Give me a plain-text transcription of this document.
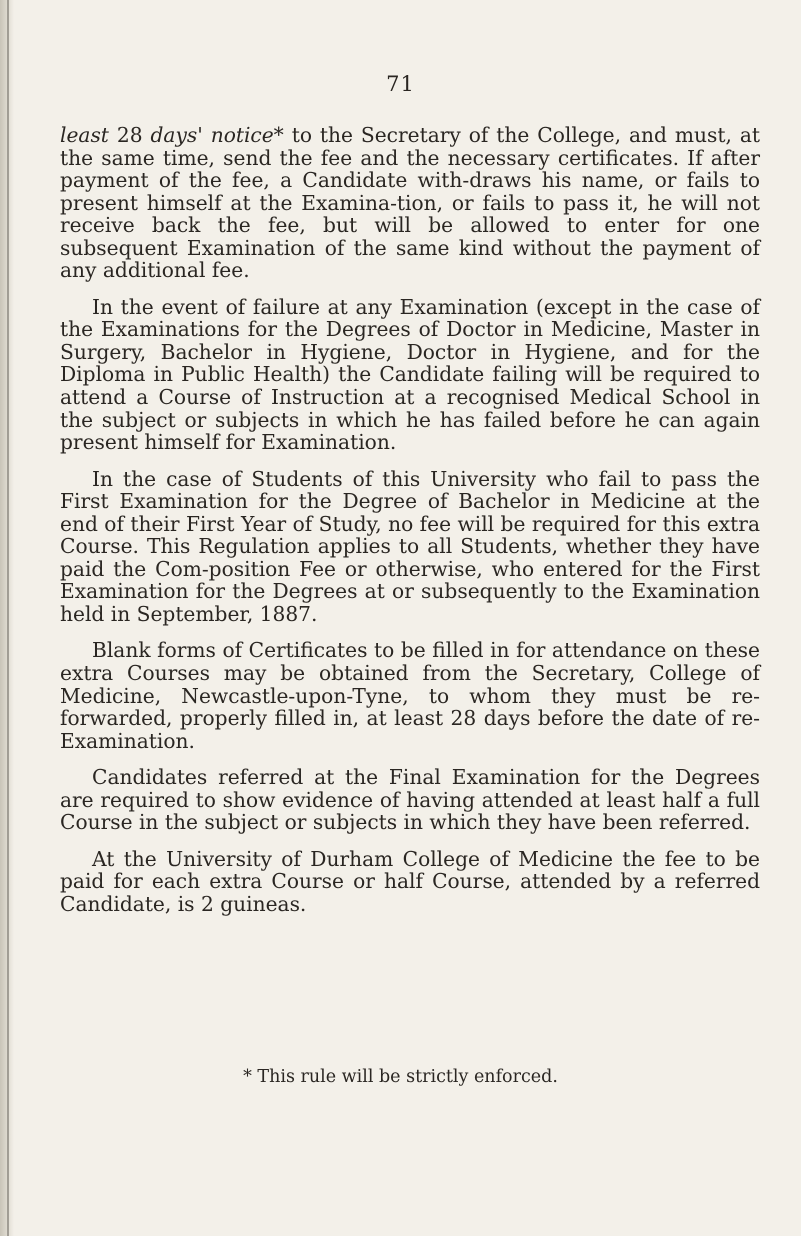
71

least 28 days' notice* to the Secretary of the College, and must, at the same time, send the fee and the necessary certificates. If after payment of the fee, a Candidate with-draws his name, or fails to present himself at the Examina-tion, or fails to pass it, he will not receive back the fee, but will be allowed to enter for one subsequent Examination of the same kind without the payment of any additional fee.

In the event of failure at any Examination (except in the case of the Examinations for the Degrees of Doctor in Medicine, Master in Surgery, Bachelor in Hygiene, Doctor in Hygiene, and for the Diploma in Public Health) the Candidate failing will be required to attend a Course of Instruction at a recognised Medical School in the subject or subjects in which he has failed before he can again present himself for Examination.

In the case of Students of this University who fail to pass the First Examination for the Degree of Bachelor in Medicine at the end of their First Year of Study, no fee will be required for this extra Course. This Regulation applies to all Students, whether they have paid the Com-position Fee or otherwise, who entered for the First Examination for the Degrees at or subsequently to the Examination held in September, 1887.

Blank forms of Certificates to be filled in for attendance on these extra Courses may be obtained from the Secretary, College of Medicine, Newcastle-upon-Tyne, to whom they must be re-forwarded, properly filled in, at least 28 days before the date of re-Examination.

Candidates referred at the Final Examination for the Degrees are required to show evidence of having attended at least half a full Course in the subject or subjects in which they have been referred.

At the University of Durham College of Medicine the fee to be paid for each extra Course or half Course, attended by a referred Candidate, is 2 guineas.

* This rule will be strictly enforced.
